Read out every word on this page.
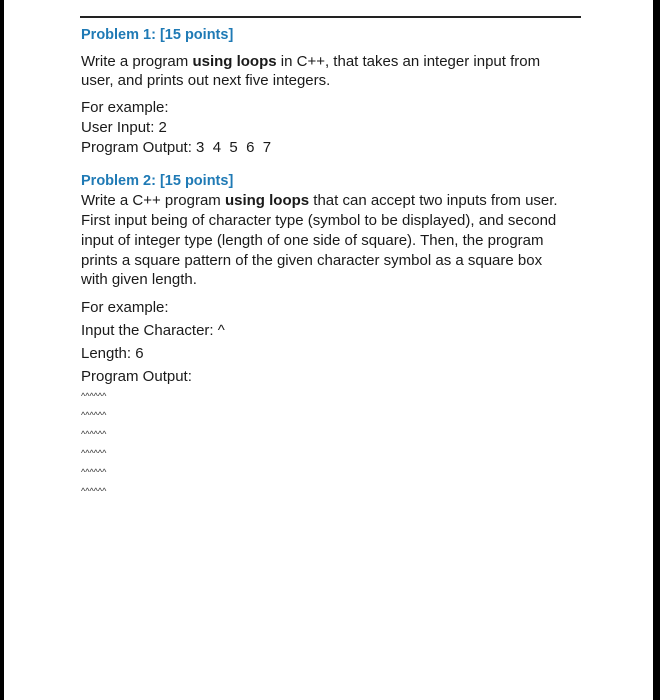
Problem 1: [15 points]
Write a program using loops in C++, that takes an integer input from
user, and prints out next five integers.
For example:
User Input: 2
Program Output: 3  4  5  6  7
Problem 2: [15 points]
Write a C++ program using loops that can accept two inputs from user.
First input being of character type (symbol to be displayed), and second
input of integer type (length of one side of square). Then, the program
prints a square pattern of the given character symbol as a square box
with given length.
For example:
Input the Character: ^
Length: 6
Program Output:
^^^^^^
^^^^^^
^^^^^^
^^^^^^
^^^^^^
^^^^^^
